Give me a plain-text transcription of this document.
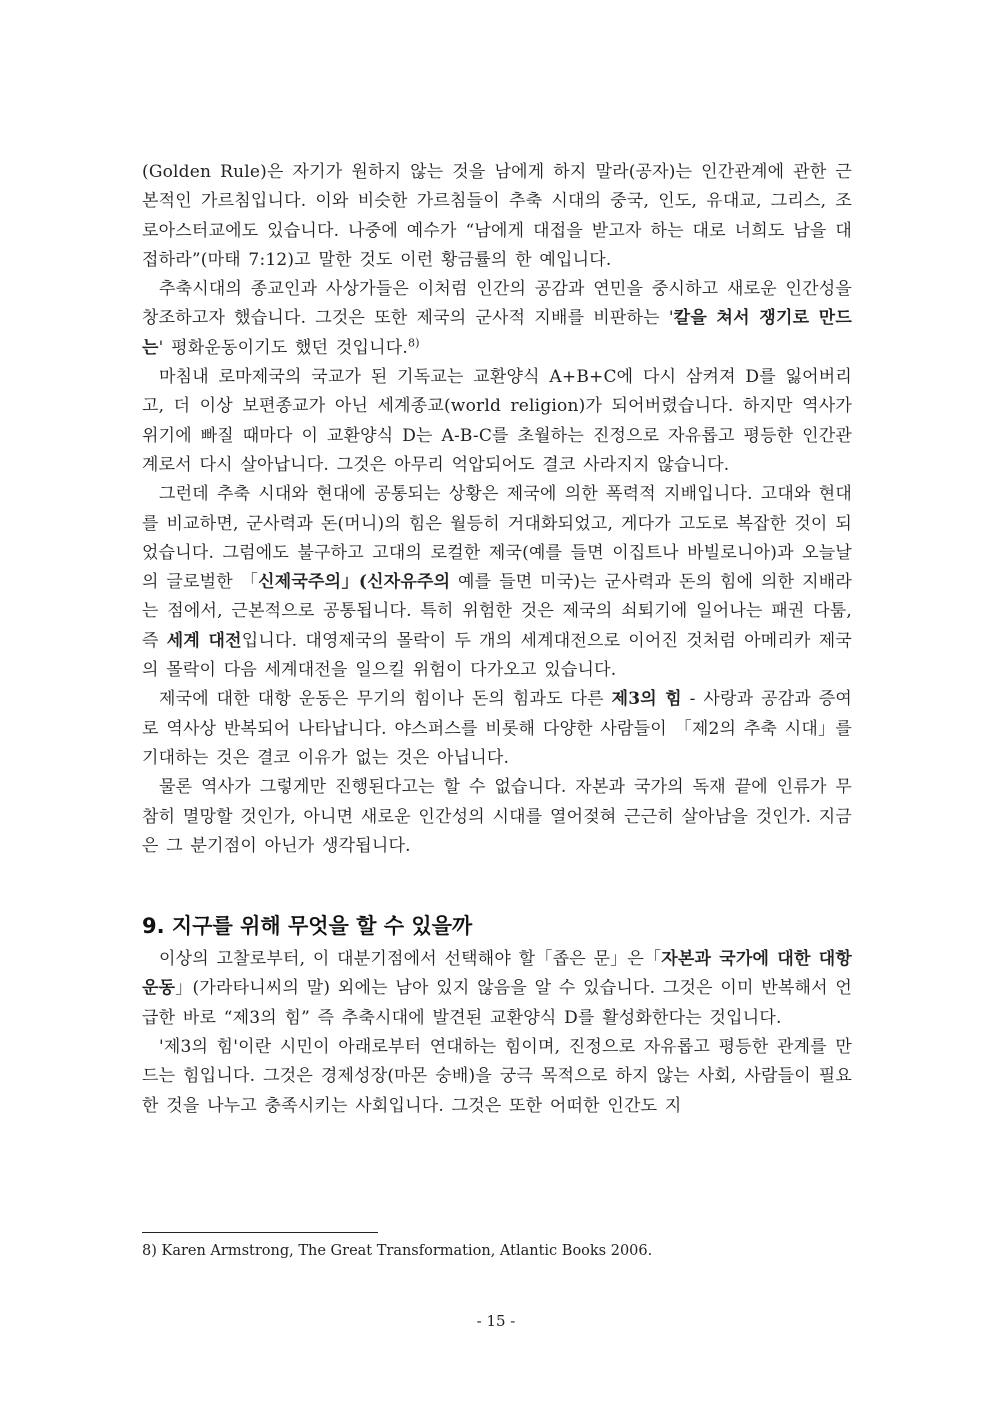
(Golden Rule)은 자기가 원하지 않는 것을 남에게 하지 말라(공자)는 인간관계에 관한 근본적인 가르침입니다. 이와 비슷한 가르침들이 추축 시대의 중국, 인도, 유대교, 그리스, 조로아스터교에도 있습니다. 나중에 예수가 “남에게 대접을 받고자 하는 대로 너희도 남을 대접하라”(마태 7:12)고 말한 것도 이런 황금률의 한 예입니다.

추축시대의 종교인과 사상가들은 이처럼 인간의 공감과 연민을 중시하고 새로운 인간성을 창조하고자 했습니다. 그것은 또한 제국의 군사적 지배를 비판하는 '칼을 쳐서 쟁기로 만드는' 평화운동이기도 했던 것입니다.$^{8)}$

마침내 로마제국의 국교가 된 기독교는 교환양식 A+B+C에 다시 삼켜져 D를 잃어버리고, 더 이상 보편종교가 아닌 세계종교(world religion)가 되어버렸습니다. 하지만 역사가 위기에 빠질 때마다 이 교환양식 D는 A-B-C를 초월하는 진정으로 자유롭고 평등한 인간관계로서 다시 살아납니다. 그것은 아무리 억압되어도 결코 사라지지 않습니다.

그런데 추축 시대와 현대에 공통되는 상황은 제국에 의한 폭력적 지배입니다. 고대와 현대를 비교하면, 군사력과 돈(머니)의 힘은 월등히 거대화되었고, 게다가 고도로 복잡한 것이 되었습니다. 그럼에도 불구하고 고대의 로컬한 제국(예를 들면 이집트나 바빌로니아)과 오늘날의 글로벌한 「신제국주의」(신자유주의 예를 들면 미국)는 군사력과 돈의 힘에 의한 지배라는 점에서, 근본적으로 공통됩니다. 특히 위험한 것은 제국의 쇠퇴기에 일어나는 패권 다툼, 즉 세계 대전입니다. 대영제국의 몰락이 두 개의 세계대전으로 이어진 것처럼 아메리카 제국의 몰락이 다음 세계대전을 일으킬 위험이 다가오고 있습니다.

제국에 대한 대항 운동은 무기의 힘이나 돈의 힘과도 다른 제3의 힘 - 사랑과 공감과 증여로 역사상 반복되어 나타납니다. 야스퍼스를 비롯해 다양한 사람들이 「제2의 추축 시대」를 기대하는 것은 결코 이유가 없는 것은 아닙니다.

물론 역사가 그렇게만 진행된다고는 할 수 없습니다. 자본과 국가의 독재 끝에 인류가 무참히 멸망할 것인가, 아니면 새로운 인간성의 시대를 열어젖혀 근근히 살아남을 것인가. 지금은 그 분기점이 아닌가 생각됩니다.

9. 지구를 위해 무엇을 할 수 있을까

이상의 고찰로부터, 이 대분기점에서 선택해야 할「좁은 문」은「자본과 국가에 대한 대항운동」(가라타니씨의 말) 외에는 남아 있지 않음을 알 수 있습니다. 그것은 이미 반복해서 언급한 바로 “제3의 힘” 즉 추축시대에 발견된 교환양식 D를 활성화한다는 것입니다.

'제3의 힘'이란 시민이 아래로부터 연대하는 힘이며, 진정으로 자유롭고 평등한 관계를 만드는 힘입니다. 그것은 경제성장(마몬 숭배)을 궁극 목적으로 하지 않는 사회, 사람들이 필요한 것을 나누고 충족시키는 사회입니다. 그것은 또한 어떠한 인간도 지

8) Karen Armstrong, The Great Transformation, Atlantic Books 2006.
- 15 -
